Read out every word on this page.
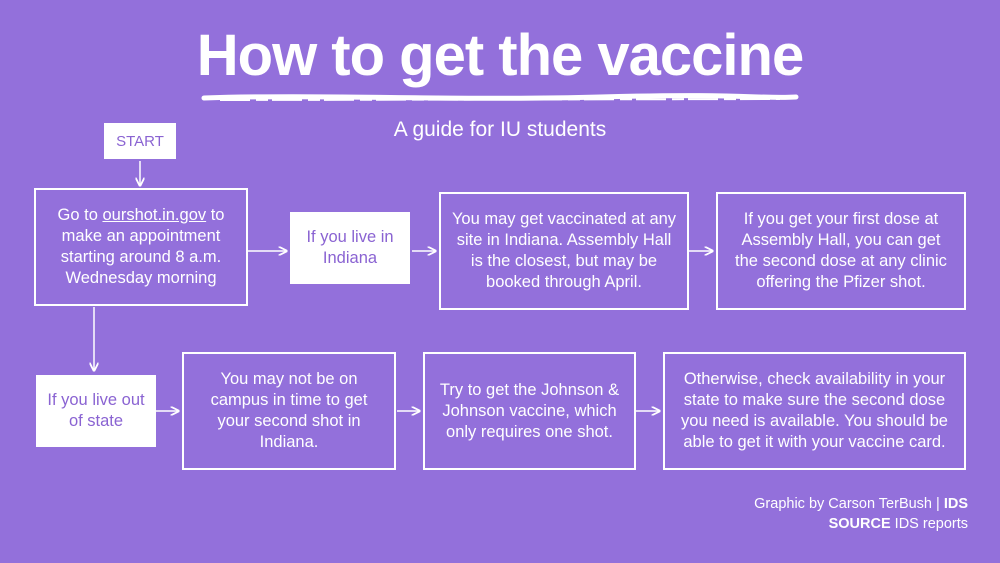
How to get the vaccine
A guide for IU students
START
Go to ourshot.in.gov to make an appointment starting around 8 a.m. Wednesday morning
If you live in Indiana
You may get vaccinated at any site in Indiana. Assembly Hall is the closest, but may be booked through April.
If you get your first dose at Assembly Hall, you can get the second dose at any clinic offering the Pfizer shot.
If you live out of state
You may not be on campus in time to get your second shot in Indiana.
Try to get the Johnson & Johnson vaccine, which only requires one shot.
Otherwise, check availability in your state to make sure the second dose you need is available. You should be able to get it with your vaccine card.
Graphic by Carson TerBush | IDS
SOURCE IDS reports
